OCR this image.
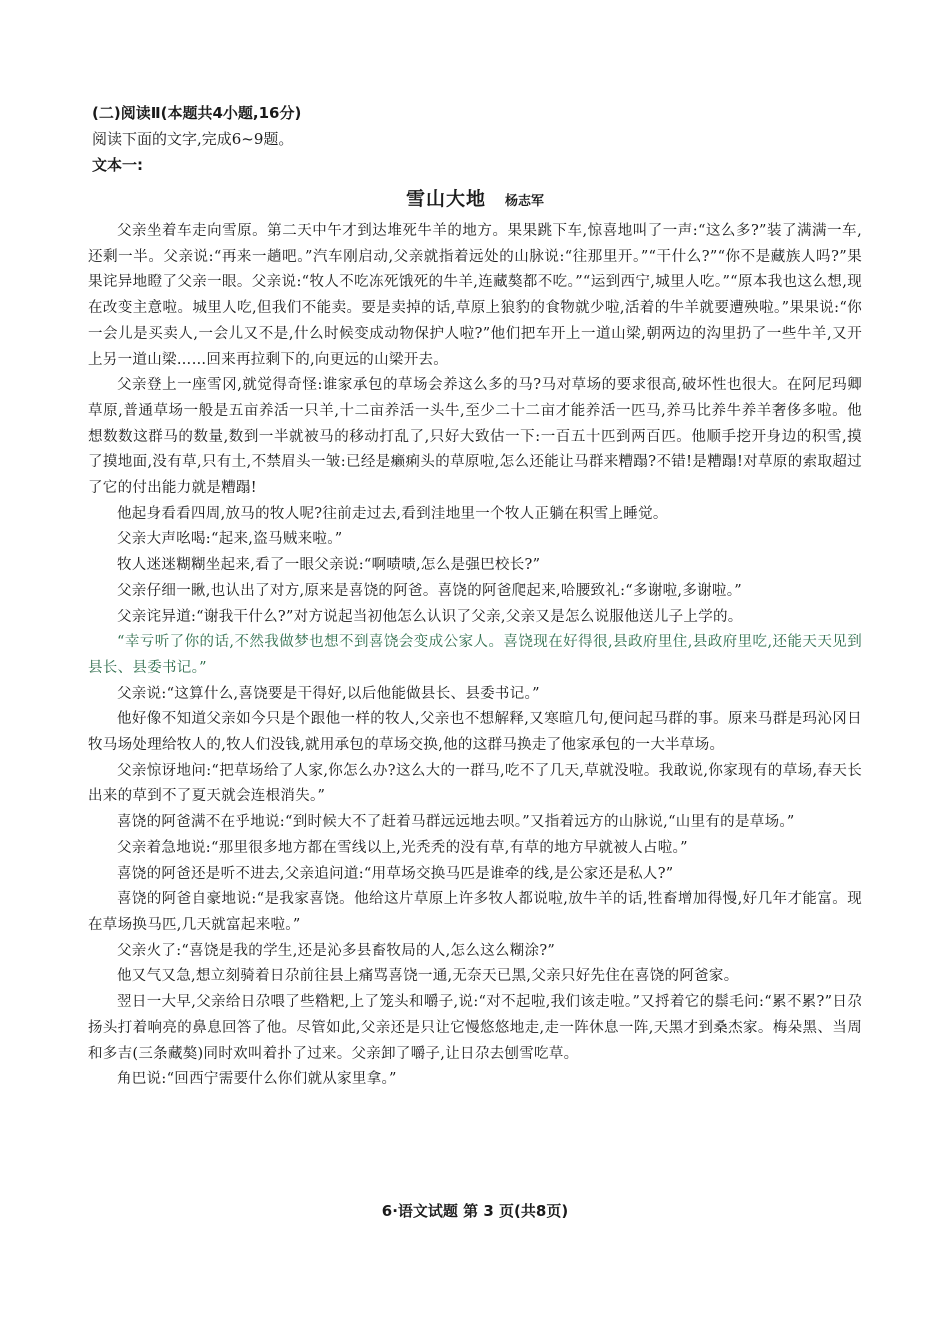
(二)阅读Ⅱ(本题共4小题,16分)
阅读下面的文字,完成6~9题。
文本一:
雪山大地 杨志军

父亲坐着车走向雪原。第二天中午才到达堆死牛羊的地方。果果跳下车,惊喜地叫了一声:“这么多?”装了满满一车,还剩一半。父亲说:“再来一趟吧。”汽车刚启动,父亲就指着远处的山脉说:“往那里开。”“干什么?”“你不是藏族人吗?”果果诧异地瞪了父亲一眼。父亲说:“牧人不吃冻死饿死的牛羊,连藏獒都不吃。”“运到西宁,城里人吃。”“原本我也这么想,现在改变主意啦。城里人吃,但我们不能卖。要是卖掉的话,草原上狼豹的食物就少啦,活着的牛羊就要遭殃啦。”果果说:“你一会儿是买卖人,一会儿又不是,什么时候变成动物保护人啦?”他们把车开上一道山梁,朝两边的沟里扔了一些牛羊,又开上另一道山梁……回来再拉剩下的,向更远的山梁开去。

父亲登上一座雪冈,就觉得奇怪:谁家承包的草场会养这么多的马?马对草场的要求很高,破坏性也很大。在阿尼玛卿草原,普通草场一般是五亩养活一只羊,十二亩养活一头牛,至少二十二亩才能养活一匹马,养马比养牛养羊奢侈多啦。他想数数这群马的数量,数到一半就被马的移动打乱了,只好大致估一下:一百五十匹到两百匹。他顺手挖开身边的积雪,摸了摸地面,没有草,只有土,不禁眉头一皱:已经是癞痢头的草原啦,怎么还能让马群来糟蹋?不错!是糟蹋!对草原的索取超过了它的付出能力就是糟蹋!

他起身看看四周,放马的牧人呢?往前走过去,看到洼地里一个牧人正躺在积雪上睡觉。

父亲大声吆喝:“起来,盗马贼来啦。”

牧人迷迷糊糊坐起来,看了一眼父亲说:“啊啧啧,怎么是强巴校长?”

父亲仔细一瞅,也认出了对方,原来是喜饶的阿爸。喜饶的阿爸爬起来,哈腰致礼:“多谢啦,多谢啦。”

父亲诧异道:“谢我干什么?”对方说起当初他怎么认识了父亲,父亲又是怎么说服他送儿子上学的。

“幸亏听了你的话,不然我做梦也想不到喜饶会变成公家人。喜饶现在好得很,县政府里住,县政府里吃,还能天天见到县长、县委书记。”

父亲说:“这算什么,喜饶要是干得好,以后他能做县长、县委书记。”

他好像不知道父亲如今只是个跟他一样的牧人,父亲也不想解释,又寒暄几句,便问起马群的事。原来马群是玛沁冈日牧马场处理给牧人的,牧人们没钱,就用承包的草场交换,他的这群马换走了他家承包的一大半草场。

父亲惊讶地问:“把草场给了人家,你怎么办?这么大的一群马,吃不了几天,草就没啦。我敢说,你家现有的草场,春天长出来的草到不了夏天就会连根消失。”

喜饶的阿爸满不在乎地说:“到时候大不了赶着马群远远地去呗。”又指着远方的山脉说,“山里有的是草场。”

父亲着急地说:“那里很多地方都在雪线以上,光秃秃的没有草,有草的地方早就被人占啦。”

喜饶的阿爸还是听不进去,父亲追问道:“用草场交换马匹是谁牵的线,是公家还是私人?”

喜饶的阿爸自豪地说:“是我家喜饶。他给这片草原上许多牧人都说啦,放牛羊的话,牲畜增加得慢,好几年才能富。现在草场换马匹,几天就富起来啦。”

父亲火了:“喜饶是我的学生,还是沁多县畜牧局的人,怎么这么糊涂?”

他又气又急,想立刻骑着日尕前往县上痛骂喜饶一通,无奈天已黑,父亲只好先住在喜饶的阿爸家。

翌日一大早,父亲给日尕喂了些糌粑,上了笼头和嚼子,说:“对不起啦,我们该走啦。”又捋着它的鬃毛问:“累不累?”日尕扬头打着响亮的鼻息回答了他。尽管如此,父亲还是只让它慢悠悠地走,走一阵休息一阵,天黑才到桑杰家。梅朵黑、当周和多吉(三条藏獒)同时欢叫着扑了过来。父亲卸了嚼子,让日尕去刨雪吃草。

角巴说:“回西宁需要什么你们就从家里拿。”

6·语文试题 第 3 页(共8页)
